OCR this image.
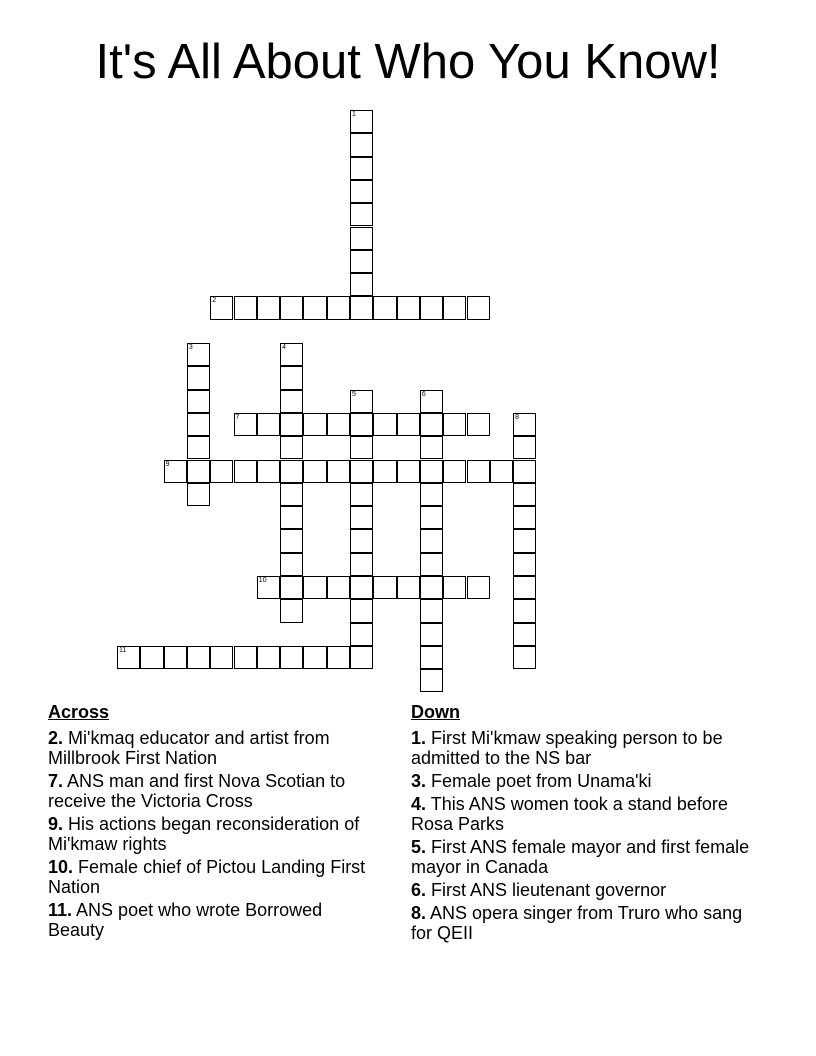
It's All About Who You Know!
1
2
3	4
5	6
7	8
9
10
11
Across
2. Mi'kmaq educator and artist from Millbrook First Nation
7. ANS man and first Nova Scotian to receive the Victoria Cross
9. His actions began reconsideration of Mi'kmaw rights
10. Female chief of Pictou Landing First Nation
11. ANS poet who wrote Borrowed Beauty
Down
1. First Mi'kmaw speaking person to be admitted to the NS bar
3. Female poet from Unama'ki
4. This ANS women took a stand before Rosa Parks
5. First ANS female mayor and first female mayor in Canada
6. First ANS lieutenant governor
8. ANS opera singer from Truro who sang for QEII
